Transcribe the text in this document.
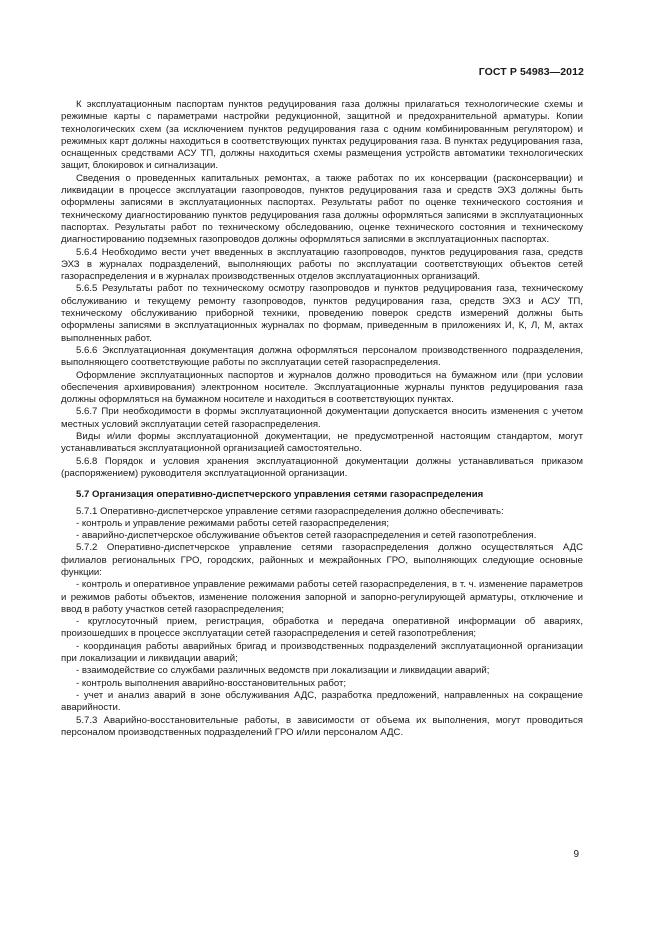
ГОСТ Р 54983—2012

К эксплуатационным паспортам пунктов редуцирования газа должны прилагаться технологические схемы и режимные карты с параметрами настройки редукционной, защитной и предохранительной арматуры. Копии технологических схем (за исключением пунктов редуцирования газа с одним комбинированным регулятором) и режимных карт должны находиться в соответствующих пунктах редуцирования газа. В пунктах редуцирования газа, оснащенных средствами АСУ ТП, должны находиться схемы размещения устройств автоматики технологических защит, блокировок и сигнализации.

Сведения о проведенных капитальных ремонтах, а также работах по их консервации (расконсервации) и ликвидации в процессе эксплуатации газопроводов, пунктов редуцирования газа и средств ЭХЗ должны быть оформлены записями в эксплуатационных паспортах. Результаты работ по оценке технического состояния и техническому диагностированию пунктов редуцирования газа должны оформляться записями в эксплуатационных паспортах. Результаты работ по техническому обследованию, оценке технического состояния и техническому диагностированию подземных газопроводов должны оформляться записями в эксплуатационных паспортах.

5.6.4 Необходимо вести учет введенных в эксплуатацию газопроводов, пунктов редуцирования газа, средств ЭХЗ в журналах подразделений, выполняющих работы по эксплуатации соответствующих объектов сетей газораспределения и в журналах производственных отделов эксплуатационных организаций.

5.6.5 Результаты работ по техническому осмотру газопроводов и пунктов редуцирования газа, техническому обслуживанию и текущему ремонту газопроводов, пунктов редуцирования газа, средств ЭХЗ и АСУ ТП, техническому обслуживанию приборной техники, проведению поверок средств измерений должны быть оформлены записями в эксплуатационных журналах по формам, приведенным в приложениях И, К, Л, М, актах выполненных работ.

5.6.6 Эксплуатационная документация должна оформляться персоналом производственного подразделения, выполняющего соответствующие работы по эксплуатации сетей газораспределения.

Оформление эксплуатационных паспортов и журналов должно проводиться на бумажном или (при условии обеспечения архивирования) электронном носителе. Эксплуатационные журналы пунктов редуцирования газа должны оформляться на бумажном носителе и находиться в соответствующих пунктах.

5.6.7 При необходимости в формы эксплуатационной документации допускается вносить изменения с учетом местных условий эксплуатации сетей газораспределения.

Виды и/или формы эксплуатационной документации, не предусмотренной настоящим стандартом, могут устанавливаться эксплуатационной организацией самостоятельно.

5.6.8 Порядок и условия хранения эксплуатационной документации должны устанавливаться приказом (распоряжением) руководителя эксплуатационной организации.

5.7 Организация оперативно-диспетчерского управления сетями газораспределения

5.7.1 Оперативно-диспетчерское управление сетями газораспределения должно обеспечивать:

- контроль и управление режимами работы сетей газораспределения;

- аварийно-диспетчерское обслуживание объектов сетей газораспределения и сетей газопотребления.

5.7.2 Оперативно-диспетчерское управление сетями газораспределения должно осуществляться АДС филиалов региональных ГРО, городских, районных и межрайонных ГРО, выполняющих следующие основные функции:

- контроль и оперативное управление режимами работы сетей газораспределения, в т. ч. изменение параметров и режимов работы объектов, изменение положения запорной и запорно-регулирующей арматуры, отключение и ввод в работу участков сетей газораспределения;

- круглосуточный прием, регистрация, обработка и передача оперативной информации об авариях, произошедших в процессе эксплуатации сетей газораспределения и сетей газопотребления;

- координация работы аварийных бригад и производственных подразделений эксплуатационной организации при локализации и ликвидации аварий;

- взаимодействие со службами различных ведомств при локализации и ликвидации аварий;

- контроль выполнения аварийно-восстановительных работ;

- учет и анализ аварий в зоне обслуживания АДС, разработка предложений, направленных на сокращение аварийности.

5.7.3 Аварийно-восстановительные работы, в зависимости от объема их выполнения, могут проводиться персоналом производственных подразделений ГРО и/или персоналом АДС.

9
